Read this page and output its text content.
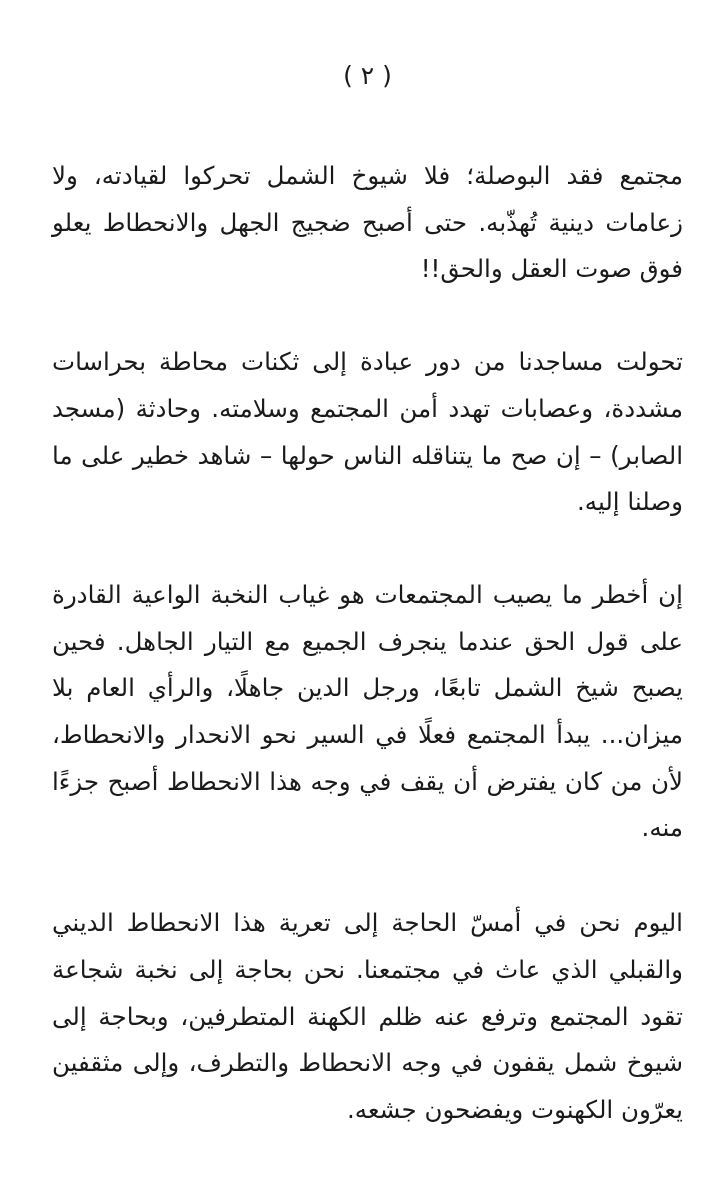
( ٢ )

مجتمع فقد البوصلة؛ فلا شيوخ الشمل تحركوا لقيادته، ولا زعامات دينية تُهذّبه. حتى أصبح ضجيج الجهل والانحطاط يعلو فوق صوت العقل والحق!!

تحولت مساجدنا من دور عبادة إلى ثكنات محاطة بحراسات مشددة، وعصابات تهدد أمن المجتمع وسلامته. وحادثة (مسجد الصابر) – إن صح ما يتناقله الناس حولها – شاهد خطير على ما وصلنا إليه.

إن أخطر ما يصيب المجتمعات هو غياب النخبة الواعية القادرة على قول الحق عندما ينجرف الجميع مع التيار الجاهل. فحين يصبح شيخ الشمل تابعًا، ورجل الدين جاهلًا، والرأي العام بلا ميزان... يبدأ المجتمع فعلًا في السير نحو الانحدار والانحطاط، لأن من كان يفترض أن يقف في وجه هذا الانحطاط أصبح جزءًا منه.

اليوم نحن في أمسّ الحاجة إلى تعرية هذا الانحطاط الديني والقبلي الذي عاث في مجتمعنا. نحن بحاجة إلى نخبة شجاعة تقود المجتمع وترفع عنه ظلم الكهنة المتطرفين، وبحاجة إلى شيوخ شمل يقفون في وجه الانحطاط والتطرف، وإلى مثقفين يعرّون الكهنوت ويفضحون جشعه.
